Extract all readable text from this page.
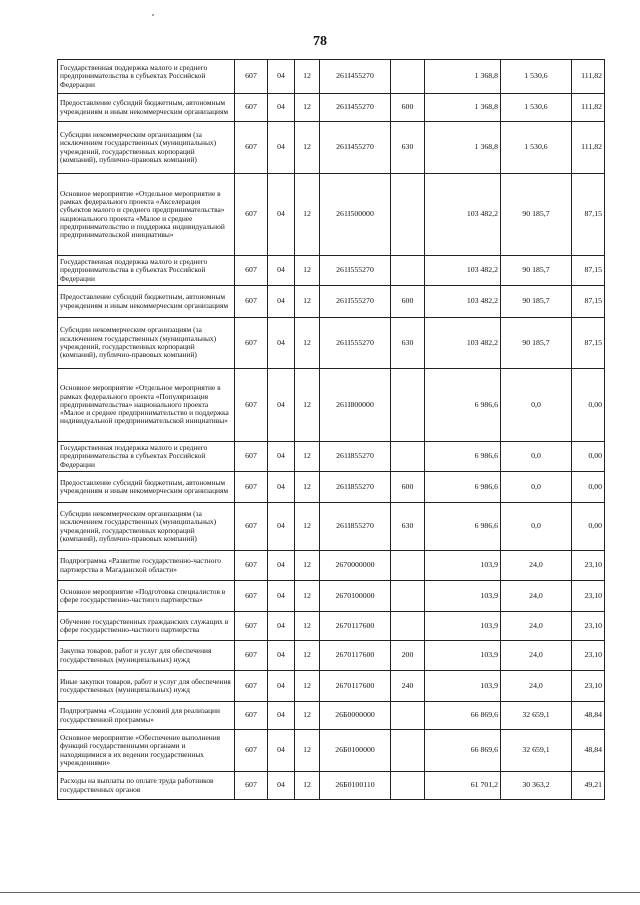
78
Государственная поддержка малого и среднего предпринимательства в субъектах Российской Федерации	607	04	12	261I455270		1 368,8	1 530,6	111,82
Предоставление субсидий бюджетным, автономным учреждениям и иным некоммерческим организациям	607	04	12	261I455270	600	1 368,8	1 530,6	111,82
Субсидии некоммерческим организациям (за исключением государственных (муниципальных) учреждений, государственных корпораций (компаний), публично-правовых компаний)	607	04	12	261I455270	630	1 368,8	1 530,6	111,82
Основное мероприятие «Отдельное мероприятие в рамках федерального проекта «Акселерация субъектов малого и среднего предпринимательства» национального проекта «Малое и среднее предпринимательство и поддержка индивидуальной предпринимательской инициативы»	607	04	12	261I500000		103 482,2	90 185,7	87,15
Государственная поддержка малого и среднего предпринимательства в субъектах Российской Федерации	607	04	12	261I555270		103 482,2	90 185,7	87,15
Предоставление субсидий бюджетным, автономным учреждениям и иным некоммерческим организациям	607	04	12	261I555270	600	103 482,2	90 185,7	87,15
Субсидии некоммерческим организациям (за исключением государственных (муниципальных) учреждений, государственных корпораций (компаний), публично-правовых компаний)	607	04	12	261I555270	630	103 482,2	90 185,7	87,15
Основное мероприятие «Отдельное мероприятие в рамках федерального проекта «Популяризация предпринимательства» национального проекта «Малое и среднее предпринимательство и поддержка индивидуальной предпринимательской инициативы»	607	04	12	261I800000		6 986,6	0,0	0,00
Государственная поддержка малого и среднего предпринимательства в субъектах Российской Федерации	607	04	12	261I855270		6 986,6	0,0	0,00
Предоставление субсидий бюджетным, автономным учреждениям и иным некоммерческим организациям	607	04	12	261I855270	600	6 986,6	0,0	0,00
Субсидии некоммерческим организациям (за исключением государственных (муниципальных) учреждений, государственных корпораций (компаний), публично-правовых компаний)	607	04	12	261I855270	630	6 986,6	0,0	0,00
Подпрограмма «Развитие государственно-частного партнерства в Магаданской области»	607	04	12	2670000000		103,9	24,0	23,10
Основное мероприятие «Подготовка специалистов в сфере государственно-частного партнерства»	607	04	12	2670100000		103,9	24,0	23,10
Обучение государственных гражданских служащих в сфере государственно-частного партнерства	607	04	12	2670117600		103,9	24,0	23,10
Закупка товаров, работ и услуг для обеспечения государственных (муниципальных) нужд	607	04	12	2670117600	200	103,9	24,0	23,10
Иные закупки товаров, работ и услуг для обеспечения государственных (муниципальных) нужд	607	04	12	2670117600	240	103,9	24,0	23,10
Подпрограмма «Создание условий для реализации государственной программы»	607	04	12	26Б0000000		66 869,6	32 659,1	48,84
Основное мероприятие «Обеспечение выполнения функций государственными органами и находящимися в их ведении государственных учреждениями»	607	04	12	26Б0100000		66 869,6	32 659,1	48,84
Расходы на выплаты по оплате труда работников государственных органов	607	04	12	26Б0100110		61 701,2	30 363,2	49,21
